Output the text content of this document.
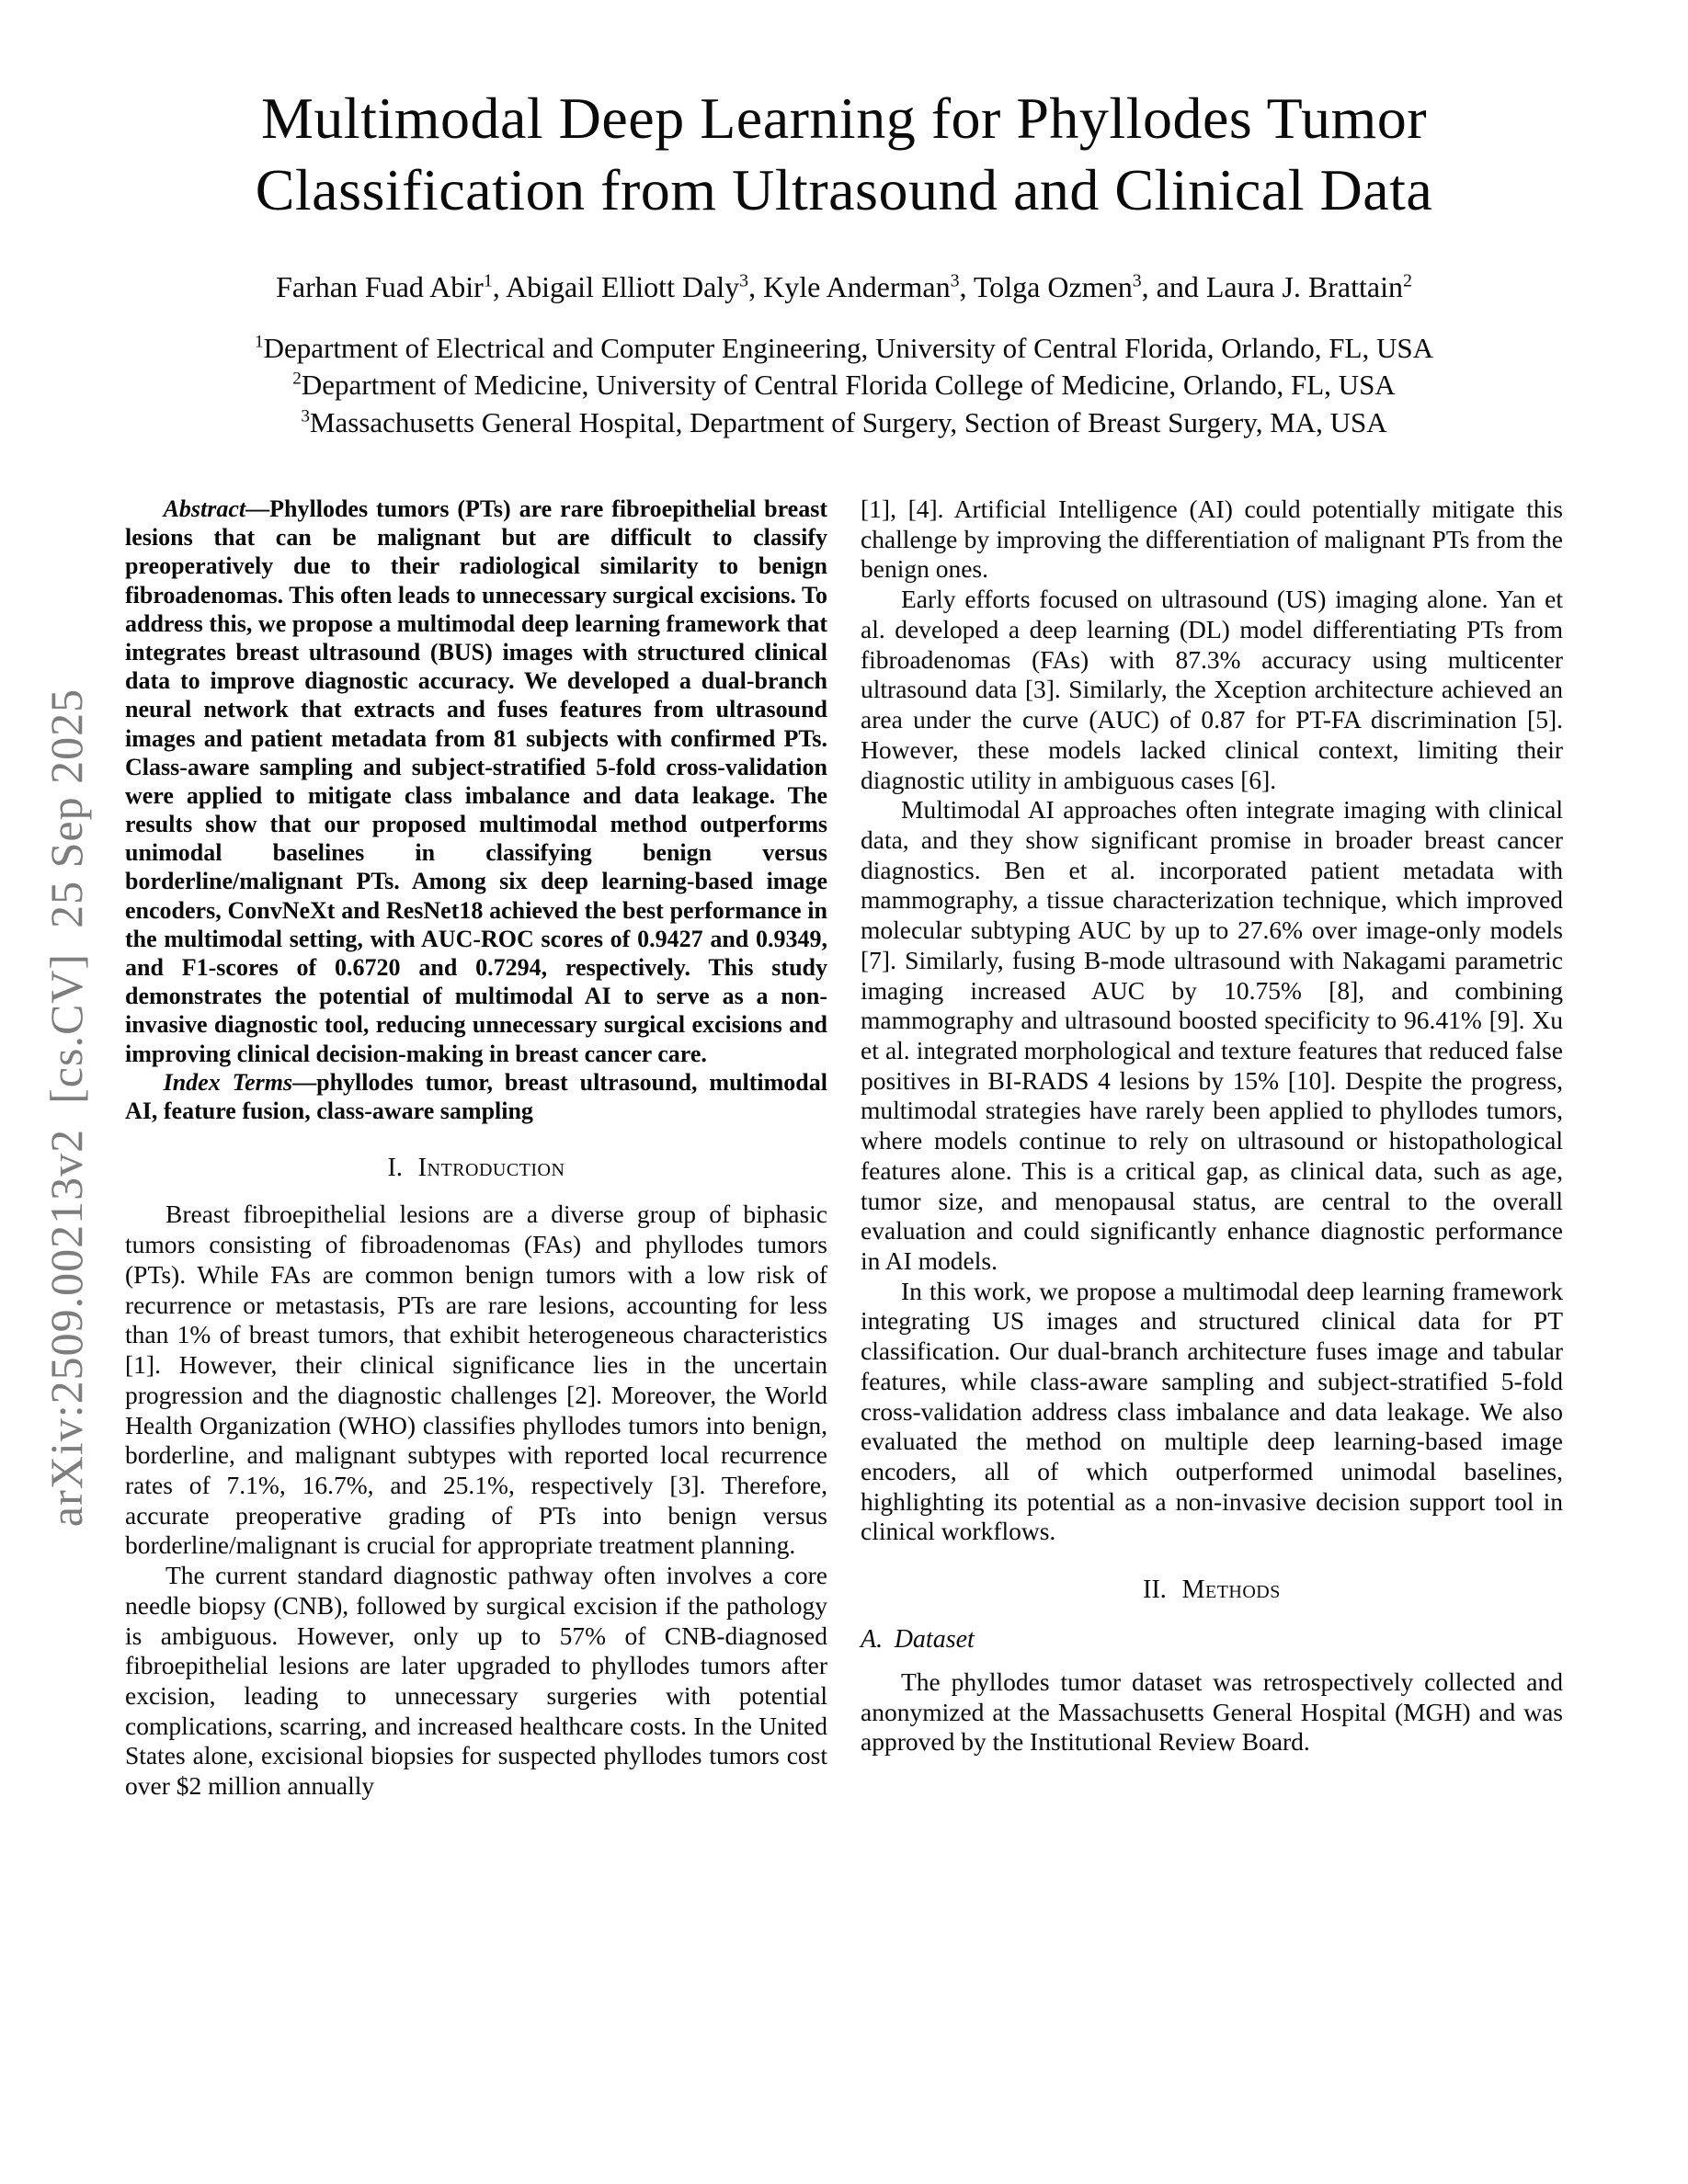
arXiv:2509.00213v2  [cs.CV]  25 Sep 2025
Multimodal Deep Learning for Phyllodes Tumor
Classification from Ultrasound and Clinical Data
Farhan Fuad Abir$^1$, Abigail Elliott Daly$^3$, Kyle Anderman$^3$, Tolga Ozmen$^3$, and Laura J. Brattain$^2$
$^1$Department of Electrical and Computer Engineering, University of Central Florida, Orlando, FL, USA
$^2$Department of Medicine, University of Central Florida College of Medicine, Orlando, FL, USA
$^3$Massachusetts General Hospital, Department of Surgery, Section of Breast Surgery, MA, USA

Abstract—Phyllodes tumors (PTs) are rare fibroepithelial breast lesions that can be malignant but are difficult to classify preoperatively due to their radiological similarity to benign fibroadenomas. This often leads to unnecessary surgical excisions. To address this, we propose a multimodal deep learning framework that integrates breast ultrasound (BUS) images with structured clinical data to improve diagnostic accuracy. We developed a dual-branch neural network that extracts and fuses features from ultrasound images and patient metadata from 81 subjects with confirmed PTs. Class-aware sampling and subject-stratified 5-fold cross-validation were applied to mitigate class imbalance and data leakage. The results show that our proposed multimodal method outperforms unimodal baselines in classifying benign versus borderline/malignant PTs. Among six deep learning-based image encoders, ConvNeXt and ResNet18 achieved the best performance in the multimodal setting, with AUC-ROC scores of 0.9427 and 0.9349, and F1-scores of 0.6720 and 0.7294, respectively. This study demonstrates the potential of multimodal AI to serve as a non-invasive diagnostic tool, reducing unnecessary surgical excisions and improving clinical decision-making in breast cancer care.

Index Terms—phyllodes tumor, breast ultrasound, multimodal AI, feature fusion, class-aware sampling

I. Introduction

Breast fibroepithelial lesions are a diverse group of biphasic tumors consisting of fibroadenomas (FAs) and phyllodes tumors (PTs). While FAs are common benign tumors with a low risk of recurrence or metastasis, PTs are rare lesions, accounting for less than 1% of breast tumors, that exhibit heterogeneous characteristics [1]. However, their clinical significance lies in the uncertain progression and the diagnostic challenges [2]. Moreover, the World Health Organization (WHO) classifies phyllodes tumors into benign, borderline, and malignant subtypes with reported local recurrence rates of 7.1%, 16.7%, and 25.1%, respectively [3]. Therefore, accurate preoperative grading of PTs into benign versus borderline/malignant is crucial for appropriate treatment planning.

The current standard diagnostic pathway often involves a core needle biopsy (CNB), followed by surgical excision if the pathology is ambiguous. However, only up to 57% of CNB-diagnosed fibroepithelial lesions are later upgraded to phyllodes tumors after excision, leading to unnecessary surgeries with potential complications, scarring, and increased healthcare costs. In the United States alone, excisional biopsies for suspected phyllodes tumors cost over $2 million annually

[1], [4]. Artificial Intelligence (AI) could potentially mitigate this challenge by improving the differentiation of malignant PTs from the benign ones.

Early efforts focused on ultrasound (US) imaging alone. Yan et al. developed a deep learning (DL) model differentiating PTs from fibroadenomas (FAs) with 87.3% accuracy using multicenter ultrasound data [3]. Similarly, the Xception architecture achieved an area under the curve (AUC) of 0.87 for PT-FA discrimination [5]. However, these models lacked clinical context, limiting their diagnostic utility in ambiguous cases [6].

Multimodal AI approaches often integrate imaging with clinical data, and they show significant promise in broader breast cancer diagnostics. Ben et al. incorporated patient metadata with mammography, a tissue characterization technique, which improved molecular subtyping AUC by up to 27.6% over image-only models [7]. Similarly, fusing B-mode ultrasound with Nakagami parametric imaging increased AUC by 10.75% [8], and combining mammography and ultrasound boosted specificity to 96.41% [9]. Xu et al. integrated morphological and texture features that reduced false positives in BI-RADS 4 lesions by 15% [10]. Despite the progress, multimodal strategies have rarely been applied to phyllodes tumors, where models continue to rely on ultrasound or histopathological features alone. This is a critical gap, as clinical data, such as age, tumor size, and menopausal status, are central to the overall evaluation and could significantly enhance diagnostic performance in AI models.

In this work, we propose a multimodal deep learning framework integrating US images and structured clinical data for PT classification. Our dual-branch architecture fuses image and tabular features, while class-aware sampling and subject-stratified 5-fold cross-validation address class imbalance and data leakage. We also evaluated the method on multiple deep learning-based image encoders, all of which outperformed unimodal baselines, highlighting its potential as a non-invasive decision support tool in clinical workflows.

II. Methods

A. Dataset

The phyllodes tumor dataset was retrospectively collected and anonymized at the Massachusetts General Hospital (MGH) and was approved by the Institutional Review Board.
